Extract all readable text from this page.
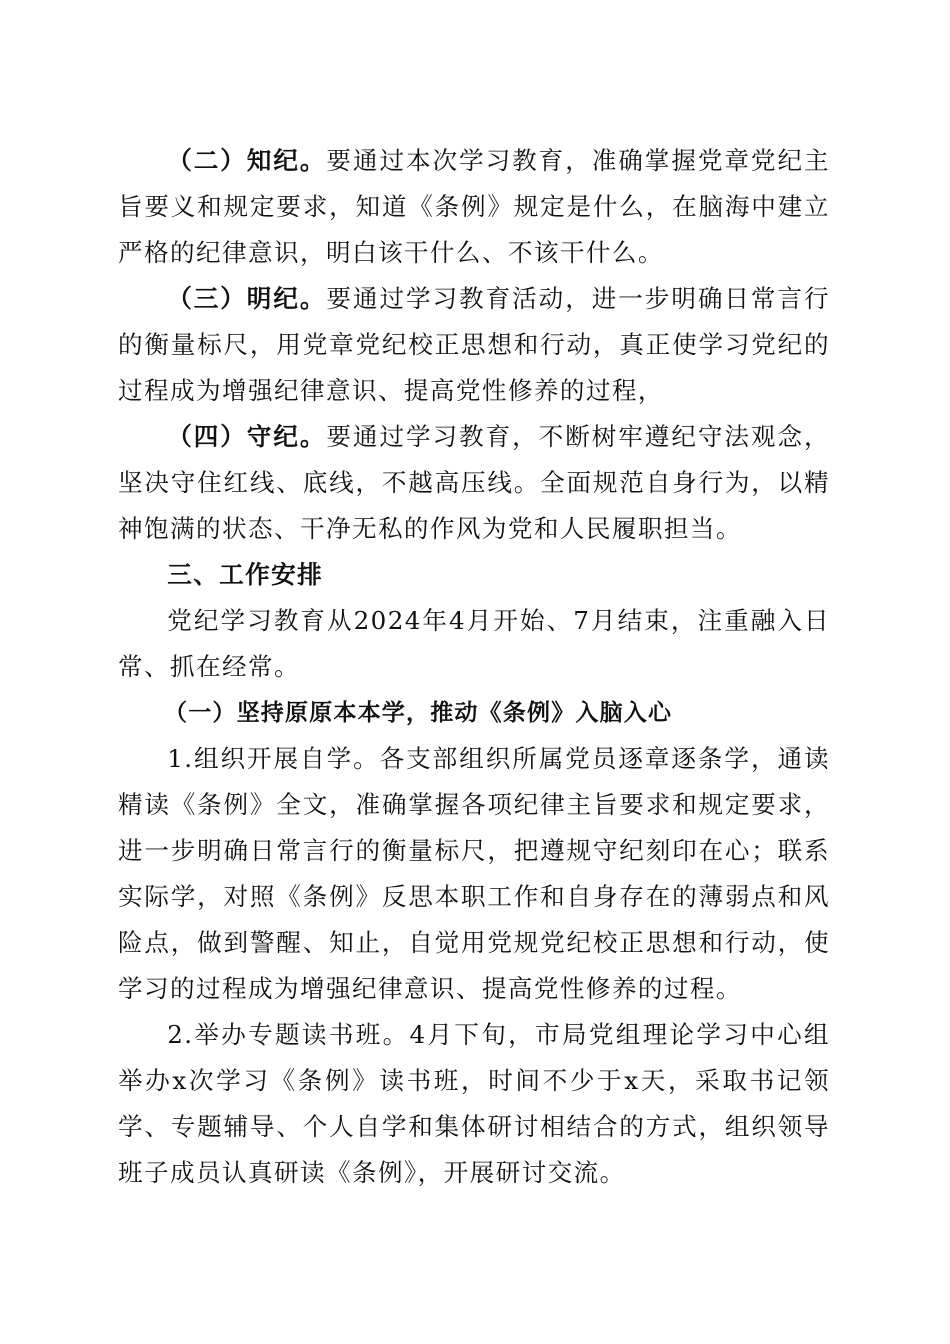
（二）知纪。要通过本次学习教育，准确掌握党章党纪主旨要义和规定要求，知道《条例》规定是什么，在脑海中建立严格的纪律意识，明白该干什么、不该干什么。

（三）明纪。要通过学习教育活动，进一步明确日常言行的衡量标尺，用党章党纪校正思想和行动，真正使学习党纪的过程成为增强纪律意识、提高党性修养的过程，

（四）守纪。要通过学习教育，不断树牢遵纪守法观念，坚决守住红线、底线，不越高压线。全面规范自身行为，以精神饱满的状态、干净无私的作风为党和人民履职担当。

三、工作安排

党纪学习教育从2024年4月开始、7月结束，注重融入日常、抓在经常。

（一）坚持原原本本学，推动《条例》入脑入心

1.组织开展自学。各支部组织所属党员逐章逐条学，通读精读《条例》全文，准确掌握各项纪律主旨要求和规定要求，进一步明确日常言行的衡量标尺，把遵规守纪刻印在心；联系实际学，对照《条例》反思本职工作和自身存在的薄弱点和风险点，做到警醒、知止，自觉用党规党纪校正思想和行动，使学习的过程成为增强纪律意识、提高党性修养的过程。

2.举办专题读书班。4月下旬，市局党组理论学习中心组举办x次学习《条例》读书班，时间不少于x天，采取书记领学、专题辅导、个人自学和集体研讨相结合的方式，组织领导班子成员认真研读《条例》，开展研讨交流。
